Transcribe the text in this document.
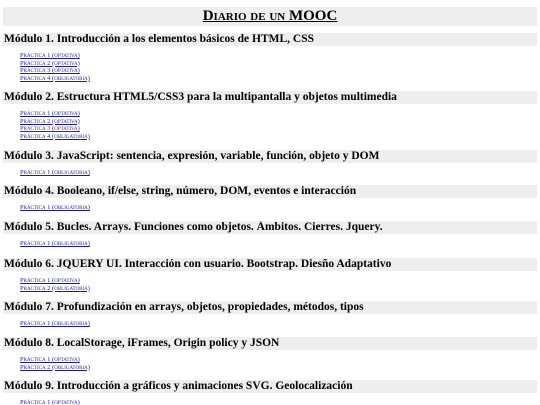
Diario de un MOOC
Módulo 1. Introducción a los elementos básicos de HTML, CSS
Práctica 1 (optativa)
Práctica 2 (optativa)
Práctica 3 (optativa)
Práctica 4 (obligatoria)
Módulo 2. Estructura HTML5/CSS3 para la multipantalla y objetos multimedia
Práctica 1 (optativa)
Práctica 2 (optativa)
Práctica 3 (optativa)
Práctica 4 (obligatoria)
Módulo 3. JavaScript: sentencia, expresión, variable, función, objeto y DOM
Práctica 1 (obligatoria)
Módulo 4. Booleano, if/else, string, número, DOM, eventos e interacción
Práctica 1 (obligatoria)
Módulo 5. Bucles. Arrays. Funciones como objetos. Ámbitos. Cierres. Jquery.
Práctica 1 (obligatoria)
Módulo 6. JQUERY UI. Interacción con usuario. Bootstrap. Diesño Adaptativo
Práctica 1 (optativa)
Práctica 2 (obligatoria)
Módulo 7. Profundización en arrays, objetos, propiedades, métodos, tipos
Práctica 1 (obligatoria)
Módulo 8. LocalStorage, iFrames, Origin policy y JSON
Práctica 1 (optativa)
Práctica 2 (obligatoria)
Módulo 9. Introducción a gráficos y animaciones SVG. Geolocalización
Práctica 1 (optativa)
